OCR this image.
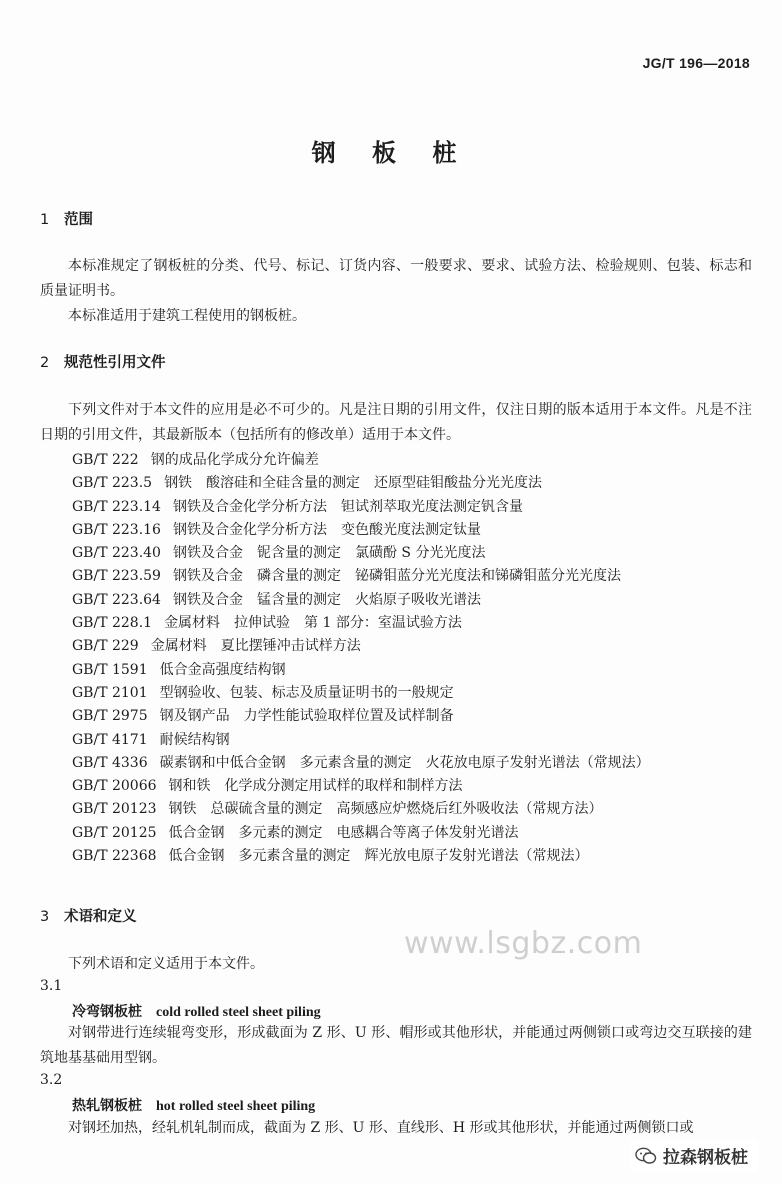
JG/T 196—2018
钢 板 桩
1 范围

本标准规定了钢板桩的分类、代号、标记、订货内容、一般要求、要求、试验方法、检验规则、包装、标志和质量证明书。

本标准适用于建筑工程使用的钢板桩。

2 规范性引用文件

下列文件对于本文件的应用是必不可少的。凡是注日期的引用文件，仅注日期的版本适用于本文件。凡是不注日期的引用文件，其最新版本（包括所有的修改单）适用于本文件。

GB/T 222 钢的成品化学成分允许偏差
GB/T 223.5 钢铁　酸溶硅和全硅含量的测定　还原型硅钼酸盐分光光度法
GB/T 223.14 钢铁及合金化学分析方法　钽试剂萃取光度法测定钒含量
GB/T 223.16 钢铁及合金化学分析方法　变色酸光度法测定钛量
GB/T 223.40 钢铁及合金　铌含量的测定　氯磺酚 S 分光光度法
GB/T 223.59 钢铁及合金　磷含量的测定　铋磷钼蓝分光光度法和锑磷钼蓝分光光度法
GB/T 223.64 钢铁及合金　锰含量的测定　火焰原子吸收光谱法
GB/T 228.1 金属材料　拉伸试验　第 1 部分：室温试验方法
GB/T 229 金属材料　夏比摆锤冲击试样方法
GB/T 1591 低合金高强度结构钢
GB/T 2101 型钢验收、包装、标志及质量证明书的一般规定
GB/T 2975 钢及钢产品　力学性能试验取样位置及试样制备
GB/T 4171 耐候结构钢
GB/T 4336 碳素钢和中低合金钢　多元素含量的测定　火花放电原子发射光谱法（常规法）
GB/T 20066 钢和铁　化学成分测定用试样的取样和制样方法
GB/T 20123 钢铁　总碳硫含量的测定　高频感应炉燃烧后红外吸收法（常规方法）
GB/T 20125 低合金钢　多元素的测定　电感耦合等离子体发射光谱法
GB/T 22368 低合金钢　多元素含量的测定　辉光放电原子发射光谱法（常规法）
3 术语和定义

下列术语和定义适用于本文件。

3.1
冷弯钢板桩 cold rolled steel sheet piling

对钢带进行连续辊弯变形，形成截面为 Z 形、U 形、帽形或其他形状，并能通过两侧锁口或弯边交互联接的建筑地基基础用型钢。

3.2
热轧钢板桩 hot rolled steel sheet piling

对钢坯加热，经轧机轧制而成，截面为 Z 形、U 形、直线形、H 形或其他形状，并能通过两侧锁口或

www.lsgbz.com
拉森钢板桩
